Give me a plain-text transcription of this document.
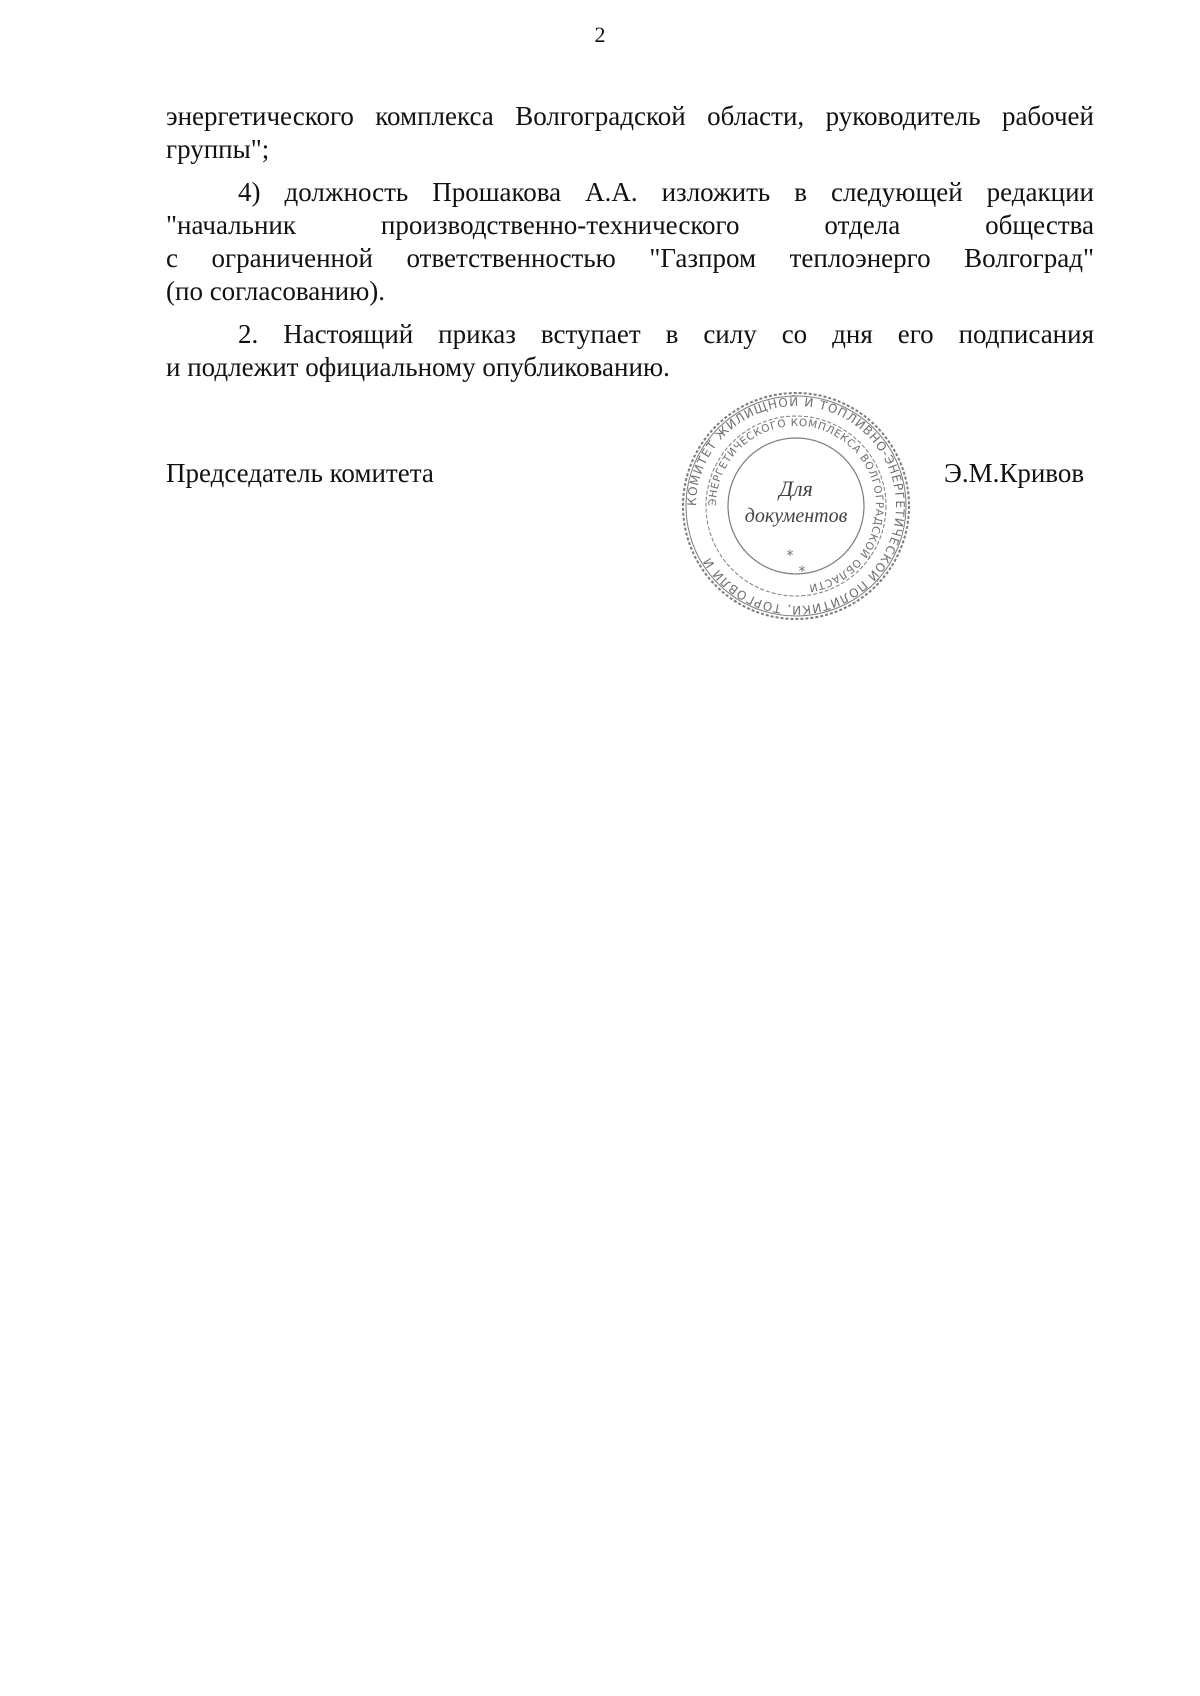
2

энергетического комплекса Волгоградской области, руководитель рабочей

группы";

4) должность Прошакова А.А. изложить в следующей редакции

"начальник производственно-технического отдела общества

с ограниченной ответственностью "Газпром теплоэнерго Волгоград"

(по согласованию).

2. Настоящий приказ вступает в силу со дня его подписания

и подлежит официальному опубликованию.

Председатель комитета	Э.М.Кривов
КОМИТЕТ ЖИЛИЩНОЙ И ТОПЛИВНО-ЭНЕРГЕТИЧЕСКОЙ ПОЛИТИКИ, ТОРГОВЛИ И
ЭНЕРГЕТИЧЕСКОГО КОМПЛЕКСА ВОЛГОГРАДСКОЙ ОБЛАСТИ
Для
документов
*
*
